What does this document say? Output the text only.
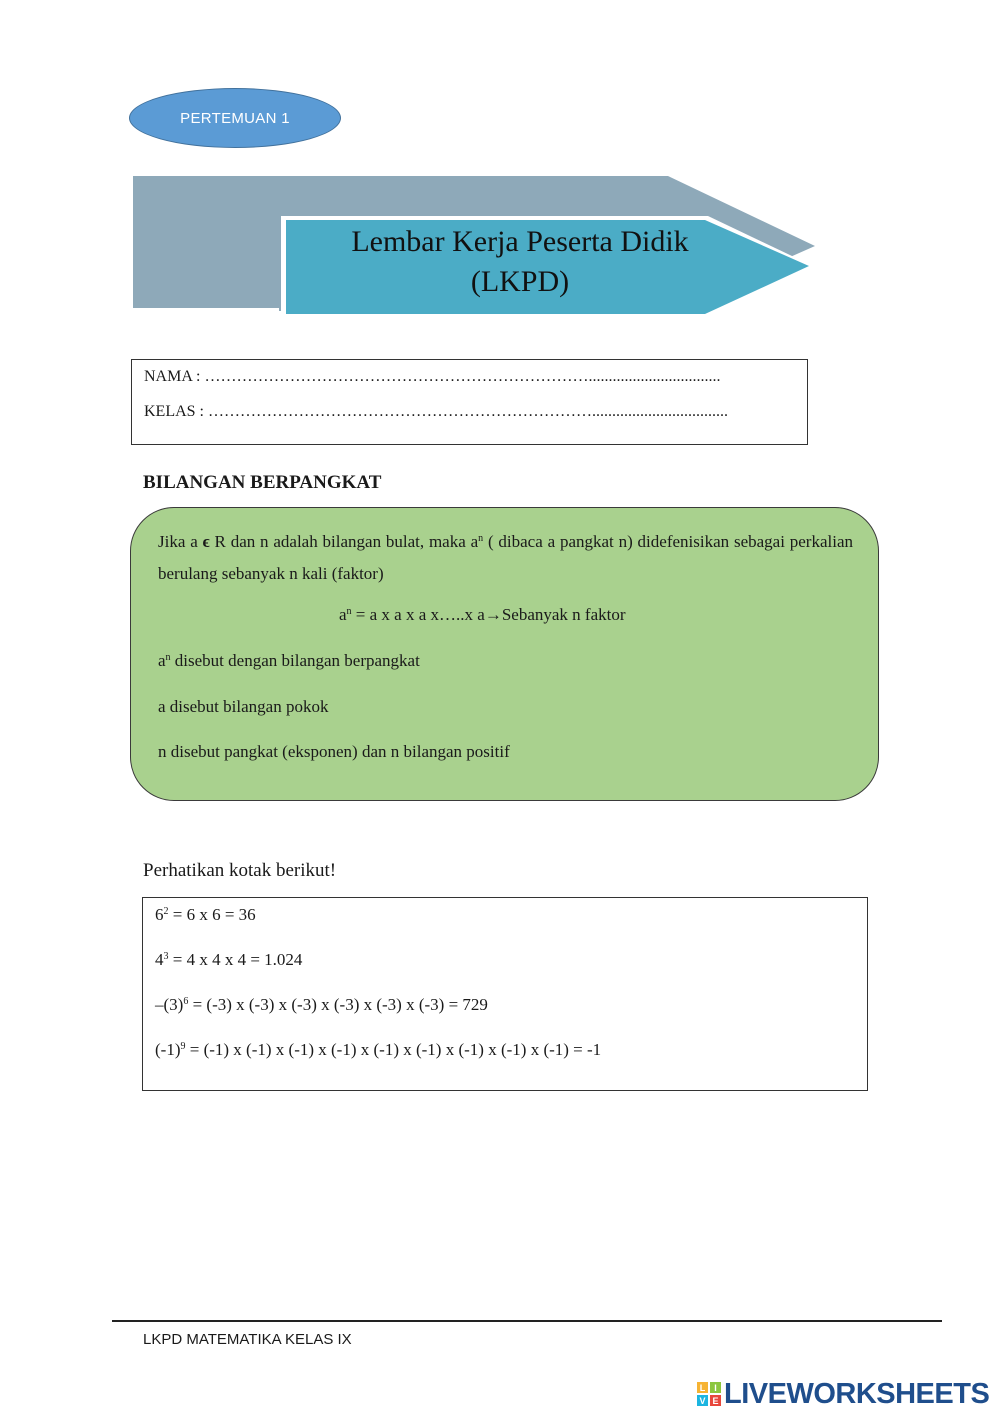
PERTEMUAN 1
Lembar Kerja Peserta Didik
(LKPD)
NAMA : ……………………………………………………………….................................
KELAS : ………………………………………………………………..................................
BILANGAN BERPANGKAT
Jika a ϵ R dan n adalah bilangan bulat, maka $a^n$ ( dibaca a pangkat n) didefenisikan sebagai perkalian berulang sebanyak n kali (faktor)
$a^n = a$ x a x a x…..x a→Sebanyak n faktor
$a^n$ disebut dengan bilangan berpangkat
a disebut bilangan pokok
n disebut pangkat (eksponen) dan n bilangan positif
Perhatikan kotak berikut!
$6^2 = 6$ x 6 = 36
$4^3 = 4$ x 4 x 4 = 1.024
$-(3)^6 = (-3)$ x (-3) x (-3) x (-3) x (-3) x (-3) = 729
$(-1)^9 = (-1)$ x (-1) x (-1) x (-1) x (-1) x (-1) x (-1) x (-1) x (-1) = -1
LKPD MATEMATIKA KELAS IX
L I
V E LIVEWORKSHEETS
